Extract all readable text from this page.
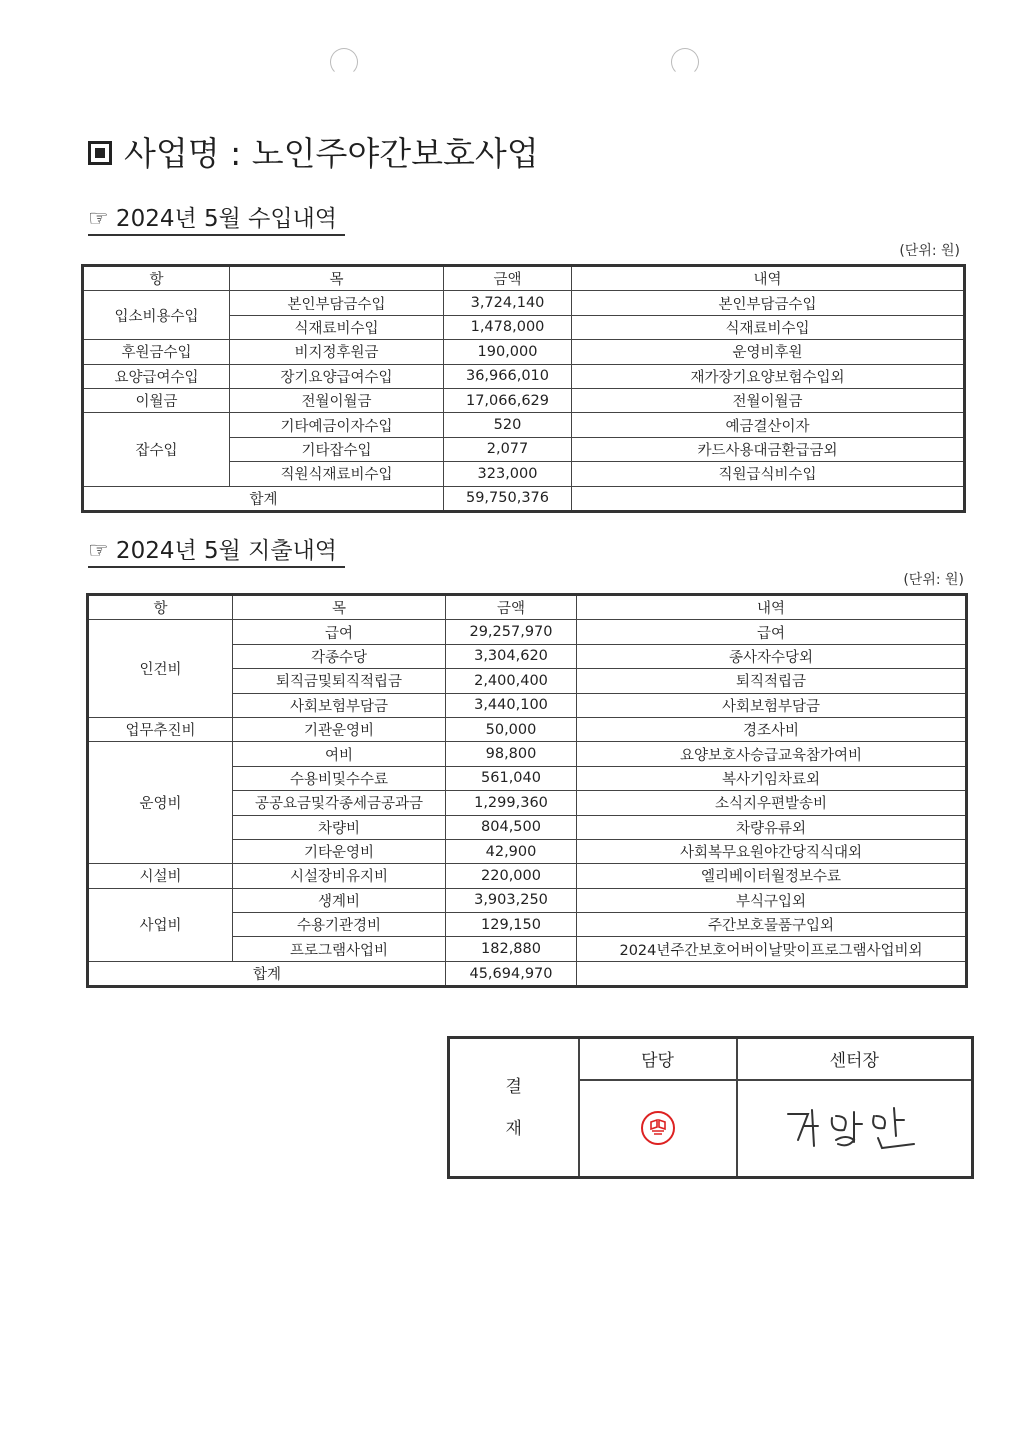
사업명 : 노인주야간보호사업
☞ 2024년 5월 수입내역
(단위: 원)
항	목	금액	내역
입소비용수입	본인부담금수입	3,724,140	본인부담금수입
	식재료비수입	1,478,000	식재료비수입
후원금수입	비지정후원금	190,000	운영비후원
요양급여수입	장기요양급여수입	36,966,010	재가장기요양보험수입외
이월금	전월이월금	17,066,629	전월이월금
잡수입	기타예금이자수입	520	예금결산이자
	기타잡수입	2,077	카드사용대금환급금외
	직원식재료비수입	323,000	직원급식비수입
합계		59,750,376	
☞ 2024년 5월 지출내역
(단위: 원)
항	목	금액	내역
인건비	급여	29,257,970	급여
	각종수당	3,304,620	종사자수당외
	퇴직금및퇴직적립금	2,400,400	퇴직적립금
	사회보험부담금	3,440,100	사회보험부담금
업무추진비	기관운영비	50,000	경조사비
운영비	여비	98,800	요양보호사승급교육참가여비
	수용비및수수료	561,040	복사기임차료외
	공공요금및각종세금공과금	1,299,360	소식지우편발송비
	차량비	804,500	차량유류외
	기타운영비	42,900	사회복무요원야간당직식대외
시설비	시설장비유지비	220,000	엘리베이터월정보수료
사업비	생계비	3,903,250	부식구입외
	수용기관경비	129,150	주간보호물품구입외
	프로그램사업비	182,880	2024년주간보호어버이날맞이프로그램사업비외
합계		45,694,970	
결
재	담당	센터장
